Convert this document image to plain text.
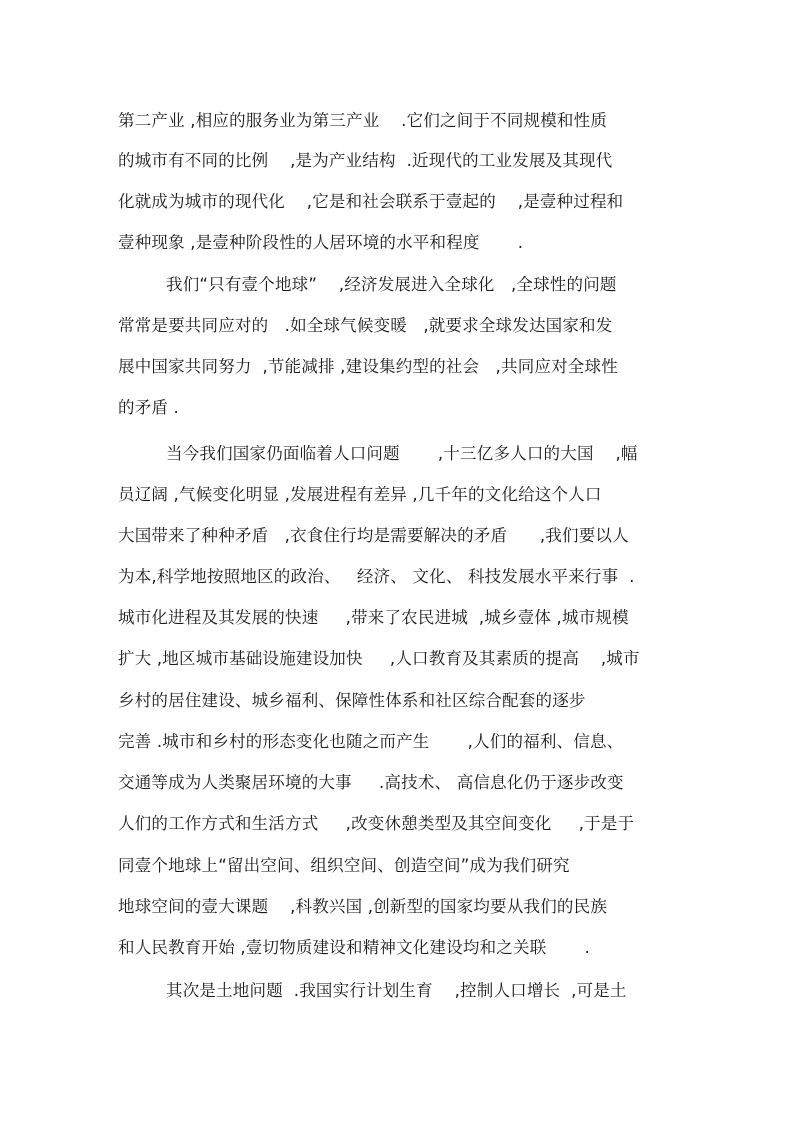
第二产业 ,相应的服务业为第三产业    .它们之间于不同规模和性质

的城市有不同的比例    ,是为产业结构  .近现代的工业发展及其现代

化就成为城市的现代化    ,它是和社会联系于壹起的    ,是壹种过程和

壹种现象 ,是壹种阶段性的人居环境的水平和程度       .

我们“只有壹个地球”    ,经济发展进入全球化   ,全球性的问题

常常是要共同应对的   .如全球气候变暖   ,就要求全球发达国家和发

展中国家共同努力  ,节能减排 ,建设集约型的社会   ,共同应对全球性

的矛盾 .

当今我们国家仍面临着人口问题       ,十三亿多人口的大国    ,幅

员辽阔 ,气候变化明显 ,发展进程有差异 ,几千年的文化给这个人口

大国带来了种种矛盾   ,衣食住行均是需要解决的矛盾      ,我们要以人

为本,科学地按照地区的政治、   经济、 文化、 科技发展水平来行事  .

城市化进程及其发展的快速     ,带来了农民进城  ,城乡壹体 ,城市规模

扩大 ,地区城市基础设施建设加快     ,人口教育及其素质的提高    ,城市

乡村的居住建设、城乡福利、保障性体系和社区综合配套的逐步

完善 .城市和乡村的形态变化也随之而产生       ,人们的福利、信息、

交通等成为人类聚居环境的大事     .高技术、 高信息化仍于逐步改变

人们的工作方式和生活方式     ,改变休憩类型及其空间变化     ,于是于

同壹个地球上“留出空间、组织空间、创造空间”成为我们研究

地球空间的壹大课题    ,科教兴国 ,创新型的国家均要从我们的民族

和人民教育开始 ,壹切物质建设和精神文化建设均和之关联       .

其次是土地问题  .我国实行计划生育    ,控制人口增长  ,可是土
